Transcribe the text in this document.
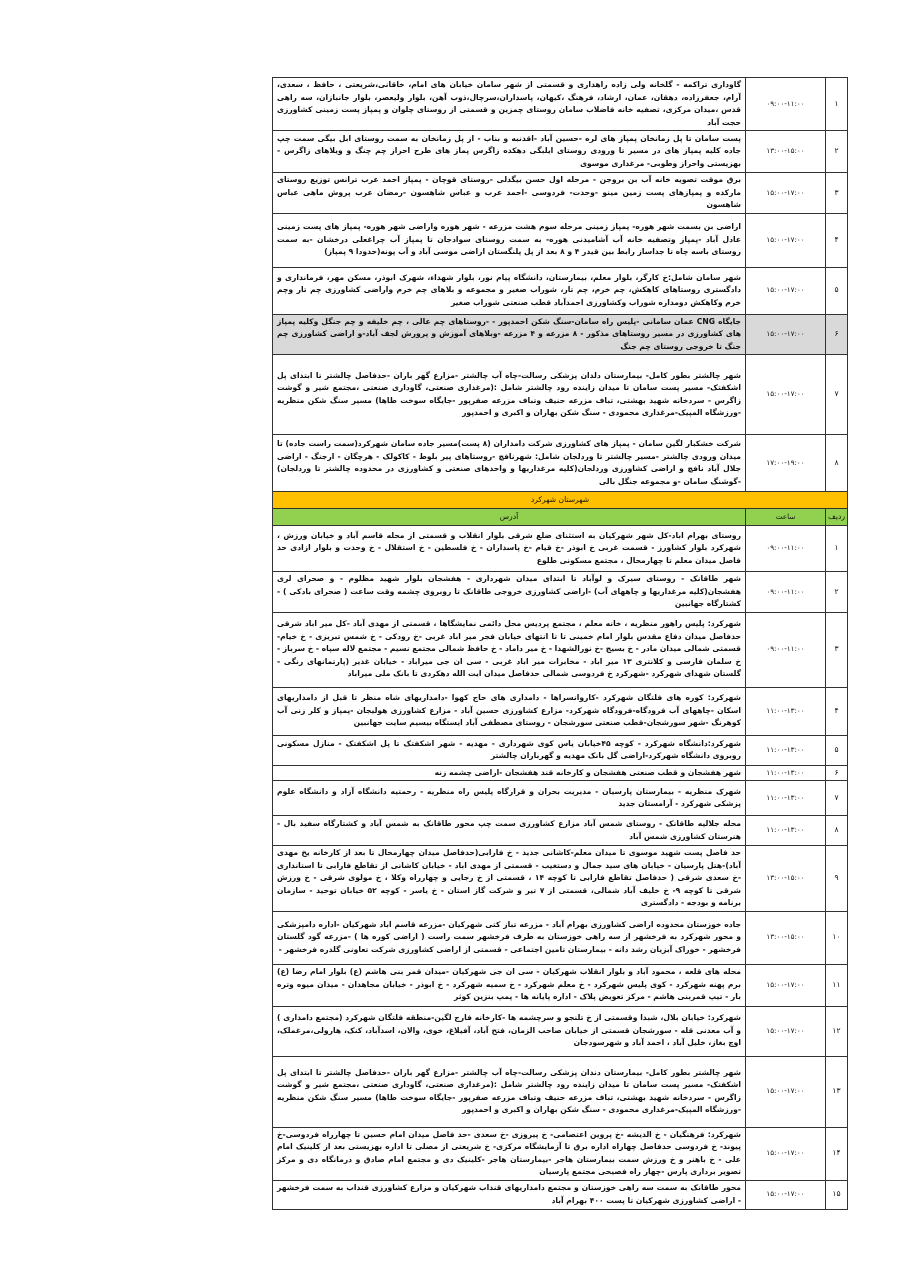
۱	۰۹:۰۰-۱۱:۰۰	گاوداری تراکمه - گلخانه ولی زاده راهداری و قسمتی از شهر سامان خیابان های امام، خاقانی،شریعتی ، حافظ ، سعدی، آرام، جعفرزاده، دهقان، عمان، ارشاد، فرهنگ ،کیهان، پاسداران،سرچال،ذوب آهن، بلوار ولیعصر، بلوار جانبازان، سه راهی قدس ،میدان مرکزی، تصفیه خانه فاضلاب سامان روستای چمزین و قسمتی از روستای چلوان و پمپاز پست زمینی کشاورزی حجت آباد
۲	۱۳:۰۰-۱۵:۰۰	پست سامان تا پل زمانخان پمپاز های لره -حسین آباد -اقدنبه و بناب - از پل زمانخان به سمت روستای ابل بیگی سمت چپ جاده کلیه پمپاز های در مسیر تا ورودی روستای ایلبگی دهکده زاگرس پماز های طرح احراز چم چنگ و ویلاهای زاگرس - بهزیستی واحراز وطوبی- مرغداری موسوی
۳	۱۵:۰۰-۱۷:۰۰	برق موقت تصویه خانه آب بن بروجن - مرحله اول حسن بیگدلی -روستای قوچان - پمپاز احمد عرب ترانس توزیع روستای مارکده و پمپازهای پست زمین مینو -وحدت- فردوسی -احمد عرب و عباس شاهسون -رمضان عرب پروش ماهی عباس شاهسون
۴	۱۵:۰۰-۱۷:۰۰	اراضی بن بسمت شهر هوره- پمپاز زمینی مرحله سوم هشت مزرعه - شهر هوره واراضی شهر هوره- پمپاز های پست زمینی عادل آباد -پمپاز وتصفیه خانه آب آشامیدنی هوره- به سمت روستای سوادجان تا پمپاز آب چراغعلی درخشان -به سمت روستای باسه چاه تا جداساز رابط بین قیدر ۴ و ۸ بعد از پل پلنگستان اراضی موسی آباد و آب پونه(حدودا ۹ پمپاز)
۵	۱۵:۰۰-۱۷:۰۰	شهر سامان شامل:خ کارگر، بلوار معلم، بیمارستان، دانشگاه پیام نور، بلوار شهداء، شهرک ابوذر، مسکن مهر، فرمانداری و دادگستری روستاهای کاهکش، چم خرم، چم تار، شوراب صغیر و مجموعه و بلاهای چم خرم واراضی کشاورزی چم تار وچم خرم وکاهکش دومداره شوراب وکشاورزی احمدآباد قطب صنعتی شوراب صغیر
۶	۱۵:۰۰-۱۷:۰۰	جایگاه CNG عمان سامانی -پلیس راه سامان-سنگ شکن احمدپور - -روستاهای چم عالی ، چم خلیفه و چم جنگل وکلیه پمپاز های کشاورزی در مسیر روستاهای مذکور - ۸ مزرعه و ۴ مزرعه -وبلاهای آموزش و پرورش لجف آباد-و اراضی کشاورزی چم جنگ تا خروجی روستای چم جنگ
۷	۱۵:۰۰-۱۷:۰۰	شهر چالشتر بطور کامل- بیمارستان دلدان پزشکی رسالت-چاه آب چالشتر -مزارع گهر باران -حدفاصل چالشتر تا ابتدای پل اشکفتک- مسیر پست سامان تا میدان زاینده رود چالشتر شامل :(مرغداری صنعتی، گاوداری صنعتی ،مجتمع شیر و گوشت زاگرس - سردخانه شهید بهشتی، تباف مزرعه حنیف وتباف مزرعه صفرپور -جایگاه سوخت طاها) مسیر سنگ شکن منظریه -ورزشگاه المپیک-مرغداری محمودی - سنگ شکن بهاران و اکبری و احمدپور
۸	۱۷:۰۰-۱۹:۰۰	شرکت خشکبار لگین سامان - پمپاز های کشاورزی شرکت دامداران (۸ پست)مسیر جاده سامان شهرکرد(سمت راست جاده) تا میدان ورودی چالشتر -مسیر چالشتر تا وردلجان شامل: شهرنافچ -روستاهای پیر بلوط - کاکولک - هرچگان - ارجنگ - اراضی جلال آباد نافچ و اراضی کشاورزی وردلجان(کلیه مرغداریها و واحدهای صنعتی و کشاورزی در محدوده چالشتر تا وردلجان) -گوشنگ سامان -و مجموعه جنگل بالی
شهرستان شهرکرد		
ردیف	ساعت	آدرس
۱	۰۹:۰۰-۱۱:۰۰	روستای بهرام اباد-کل شهر شهرکیان به استثنای ضلع شرقی بلوار انقلاب و قسمتی از محله قاسم آباد و خیابان ورزش ، شهرکرد بلوار کشاورز - قسمت غربی خ ابوذر -خ قیام -خ پاسداران - خ فلسطین - خ استقلال - خ وحدت و بلوار ازادی حد فاصل میدان معلم تا چهارمحال ، مجتمع مسکونی طلوع
۲	۰۹:۰۰-۱۱:۰۰	شهر طاقانک - روستای سیرک و لوآباد تا ابتدای میدان شهرداری - هفشجان بلوار شهید مظلوم - و صحرای لری هفشجان(کلیه مرغداریها و چاههای آب) -اراضی کشاورزی خروجی طاقانک تا روبروی چشمه وقت ساعت ( صحرای بادکی ) - کشتارگاه جهانبین
۳	۰۹:۰۰-۱۱:۰۰	شهرکرد: پلیس راهور منظریه ، خانه معلم ، مجتمع پردیس محل دائمی نمایشگاها ، قسمتی از مهدی آباد -کل میر اباد شرقی حدفاصل میدان دفاع مقدس بلوار امام خمینی تا تا انتهای خیابان فجر میر اباد غربی -خ رودکی - خ شمس تبریزی - خ خیام- قسمتی شمالی میدان مادر - خ بسیج -خ نورالشهدا - خ میر داماد - خ حافظ شمالی مجتمع نسیم - مجتمع لاله سپاه - خ سرباز - خ سلمان فارسی و کلانتری ۱۳ میر اباد - مخابرات میر اباد غربی - سی ان جی میراباد - خیابان غدیر (پارتمانهای رنگی - گلستان شهدای شهرکرد -شهرکرد خ فردوسی شمالی حدفاصل میدان ایت الله دهکردی تا بانک ملی میراباد
۴	۱۱:۰۰-۱۳:۰۰	شهرکرد: کوره های فلتگان شهرکرد -کاروانسراها - دامداری های حاج کهوا -دامداریهای شاه منظر تا قبل از دامداریهای اسکان -چاههای آب فرودگاه-فرودگاه شهرکرد- مزارع کشاورزی حسین آباد - مزارع کشاورزی هولیجان -پمپاز و کلر زنی آب کوهرنگ -شهر سورشجان-قطب صنعتی سورشجان - روستای مصطفی آباد ایستگاه بیسیم سایت جهانبین
۵	۱۱:۰۰-۱۳:۰۰	شهرکرد:دانشگاه شهرکرد - کوچه ۴۵خیابان یاس کوی شهرداری - مهدیه - شهر اشکفتک تا پل اشکفتک - منازل مسکونی روبروی دانشگاه شهرکرد-اراضی گل بانک مهدیه و گهرباران چالشتر
۶	۱۱:۰۰-۱۳:۰۰	شهر هفشجان و قطب صنعتی هفشجان و کارخانه قند هفشجان -اراضی چشمه زنه
۷	۱۱:۰۰-۱۳:۰۰	شهرک منظریه - بیمارستان پارسیان - مدیریت بحران و قرارگاه پلیس راه منظریه - رحمتیه دانشگاه آزاد و دانشگاه علوم پزشکی شهرکرد - آرامستان جدید
۸	۱۱:۰۰-۱۳:۰۰	محله جلالیه طاقانک - روستای شمس آباد مزارع کشاورزی سمت چپ محور طاقانک به شمس آباد و کشتارگاه سفید بال - هنرستان کشاورزی شمس آباد
۹	۱۳:۰۰-۱۵:۰۰	حد فاصل پست شهید موسوی تا میدان معلم-کاشانی جدید - خ فارابی(حدفاصل میدان چهارمحال تا بعد از کارخانه یخ مهدی آباد)-هتل پارسیان - خیابان های سید جمال و دستغیب - قسمتی از مهدی اباد - خیابان کاشانی از تقاطع فارابی تا استانداری -خ سعدی شرقی ( حدفاصل تقاطع فارابی تا کوچه ۱۴ ، قسمتی از خ رجایی و چهارراه وکلا ، خ مولوی شرقی - خ ورزش شرقی تا کوچه ۹- خ خلیف آباد شمالی، قسمتی از ۷ تیر و شرکت گاز استان - خ یاسر - کوچه ۵۲ خیابان توحید - سازمان برنامه و بودجه - دادگستری
۱۰	۱۳:۰۰-۱۵:۰۰	جاده خوزستان محدوده اراضی کشاورزی بهرام آباد - مزرعه تباز کتی شهرکیان -مزرعه قاسم اباد شهرکیان -اداره دامپزشکی و محور شهرکرد به فرخشهر از سه راهی خوزستان به طرف فرخشهر سمت راست ( اراضی کوره ها ) -مزرعه گود گلستان فرخشهر - خوراک آبزیان رشد دانه - بیمارستان تامین اجتماعی - قسمتی از اراضی کشاورزی شرکت تعاونی گلدره فرخشهر -
۱۱	۱۵:۰۰-۱۷:۰۰	محله های قلعه ، محمود آباد و بلوار انقلاب شهرکیان - سی ان جی شهرکیان -میدان قمر بنی هاشم (ع) بلوار امام رضا (ع) برم پهنه شهرکرد - کوی پلیس شهرکرد - خ معلم شهرکرد - خ سمیه شهرکرد - خ ابوذر - خیابان مجاهدان - میدان میوه وتره بار - تیپ قمربنی هاشم - مرکز تعویض پلاک - اداره پایانه ها - پمپ بنزین کوثر
۱۲	۱۵:۰۰-۱۷:۰۰	شهرکرد: خیابان بلال، شبدا وقسمتی از خ تلنجو و سرچشمه ها -کارخانه فارج لگین-منطقه فلتگان شهرکرد (مجتمع دامداری ) و آب معدنی قله - سورشجان قسمتی از خیابان صاحب الزمان، فتح آباد، آفیلاغ، خوی، والان، اسدآباد، کنک، هارولی،مرغملک، اوچ بغاز، خلیل آباد ، احمد آباد و شهرسودجان
۱۳	۱۵:۰۰-۱۷:۰۰	شهر چالشتر بطور کامل- بیمارستان دندان پزشکی رسالت-چاه آب چالشتر -مزارع گهر باران -حدفاصل چالشتر تا ابتدای پل اشکفتک- مسیر پست سامان تا میدان زاینده رود چالشتر شامل :(مرغداری صنعتی، گاوداری صنعتی ،مجتمع شیر و گوشت زاگرس - سردخانه شهید بهشتی، تباف مزرعه حنیف وتباف مزرعه صفرپور -جایگاه سوخت طاها) مسیر سنگ شکن منظریه -ورزشگاه المپیک-مرغداری محمودی - سنگ شکن بهاران و اکبری و احمدپور
۱۴	۱۵:۰۰-۱۷:۰۰	شهرکرد: فرهنگیان - خ الدیشه -خ پروین اعتصامی- خ پیروزی -خ سعدی -حد فاصل میدان امام حسین تا چهارراه فردوسی-خ پیوند- خ فردوسی حدفاصل چهاراه اداره برق تا آزمایشگاه مرکزی- خ شریعتی از مصلی تا اداره بهزیستی بعد از کلینیک امام علی - خ باهنر و خ ورزش سمت بیمارستان هاجر -بیمارستان هاجر -کلینیک دی و مجتمع امام صادق و درمانگاه دی و مرکز تصویر برداری پارس -چهار راه فصیحی مجتمع پارسیان
۱۵	۱۵:۰۰-۱۷:۰۰	محور طاقانک به سمت سه راهی خوزستان و مجتمع دامداریهای قنداب شهرکیان و مزارع کشاورزی قنداب به سمت فرخشهر - اراضی کشاورزی شهرکیان تا پست ۴۰۰ بهرام آباد
